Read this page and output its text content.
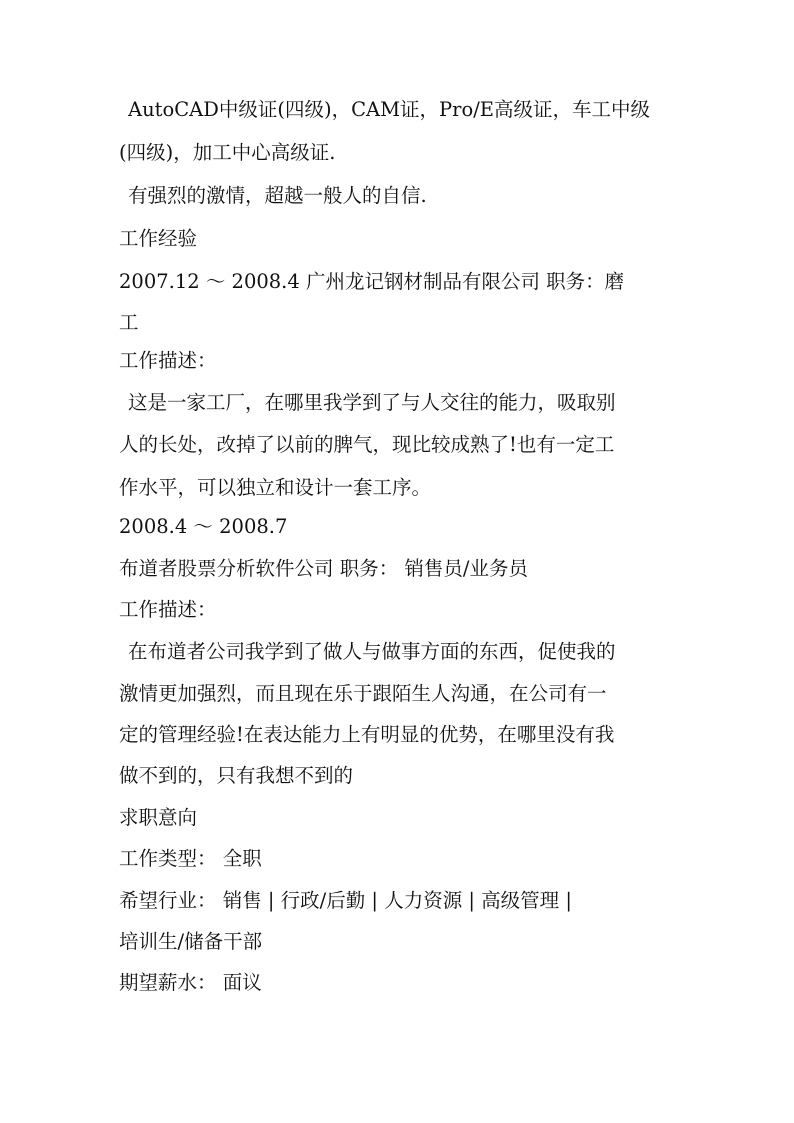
AutoCAD中级证(四级)，CAM证，Pro/E高级证，车工中级
(四级)，加工中心高级证.
有强烈的激情，超越一般人的自信.
工作经验
2007.12 ～ 2008.4 广州龙记钢材制品有限公司 职务：磨
工
工作描述：
这是一家工厂，在哪里我学到了与人交往的能力，吸取别
人的长处，改掉了以前的脾气，现比较成熟了!也有一定工
作水平，可以独立和设计一套工序。
2008.4 ～ 2008.7
布道者股票分析软件公司 职务： 销售员/业务员
工作描述：
在布道者公司我学到了做人与做事方面的东西，促使我的
激情更加强烈，而且现在乐于跟陌生人沟通，在公司有一
定的管理经验!在表达能力上有明显的优势，在哪里没有我
做不到的，只有我想不到的
求职意向
工作类型： 全职
希望行业： 销售 | 行政/后勤 | 人力资源 | 高级管理 |
培训生/储备干部
期望薪水： 面议
